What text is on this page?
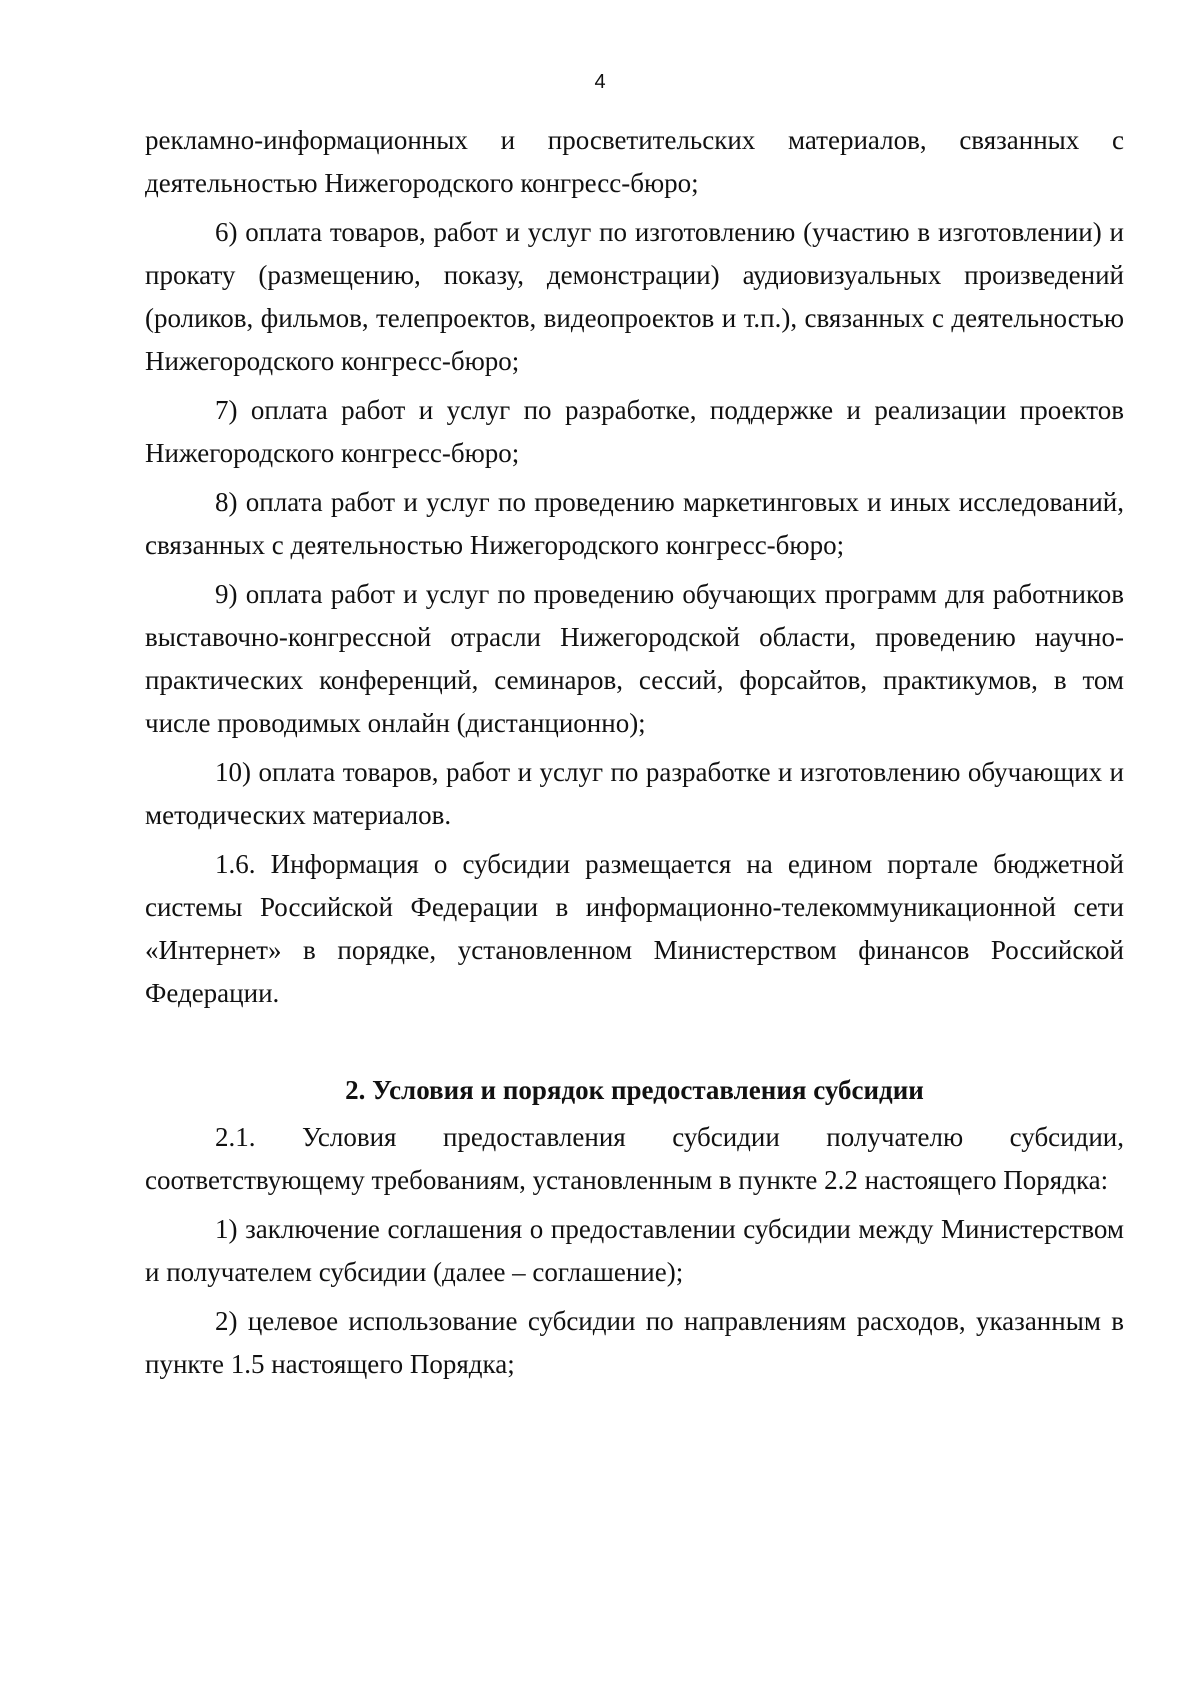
4

рекламно-информационных и просветительских материалов, связанных с деятельностью Нижегородского конгресс-бюро;

6) оплата товаров, работ и услуг по изготовлению (участию в изготовлении) и прокату (размещению, показу, демонстрации) аудиовизуальных произведений (роликов, фильмов, телепроектов, видеопроектов и т.п.), связанных с деятельностью Нижегородского конгресс-бюро;

7) оплата работ и услуг по разработке, поддержке и реализации проектов Нижегородского конгресс-бюро;

8) оплата работ и услуг по проведению маркетинговых и иных исследований, связанных с деятельностью Нижегородского конгресс-бюро;

9) оплата работ и услуг по проведению обучающих программ для работников выставочно-конгрессной отрасли Нижегородской области, проведению научно-практических конференций, семинаров, сессий, форсайтов, практикумов, в том числе проводимых онлайн (дистанционно);

10) оплата товаров, работ и услуг по разработке и изготовлению обучающих и методических материалов.

1.6. Информация о субсидии размещается на едином портале бюджетной системы Российской Федерации в информационно-телекоммуникационной сети «Интернет» в порядке, установленном Министерством финансов Российской Федерации.

2. Условия и порядок предоставления субсидии

2.1. Условия предоставления субсидии получателю субсидии, соответствующему требованиям, установленным в пункте 2.2 настоящего Порядка:

1) заключение соглашения о предоставлении субсидии между Министерством и получателем субсидии (далее – соглашение);

2) целевое использование субсидии по направлениям расходов, указанным в пункте 1.5 настоящего Порядка;
